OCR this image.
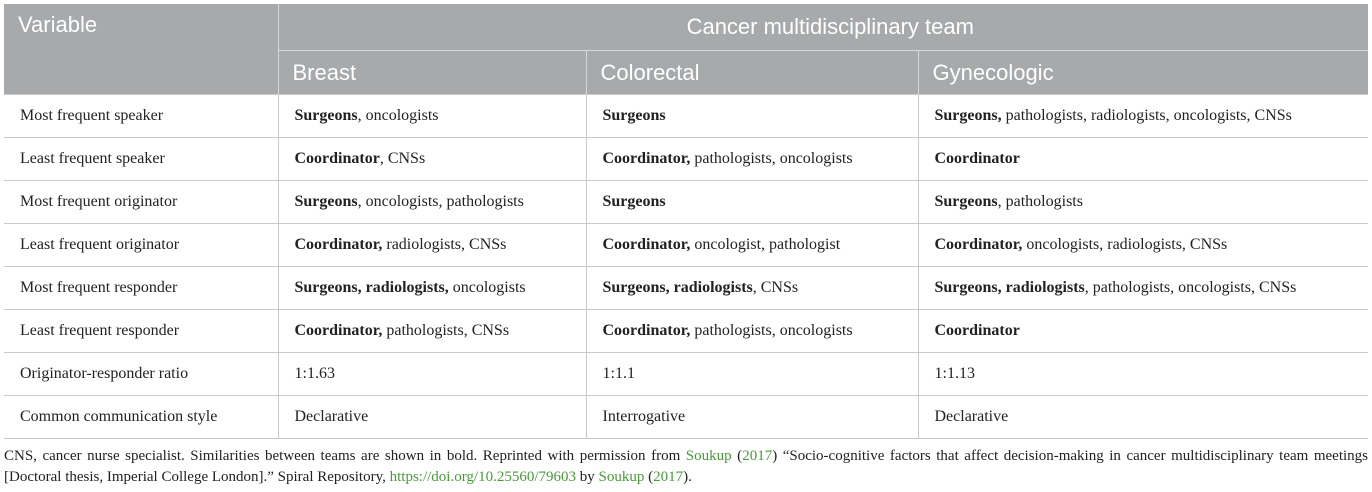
Variable	Cancer multidisciplinary team		
	Breast	Colorectal	Gynecologic
Most frequent speaker	Surgeons, oncologists	Surgeons	Surgeons, pathologists, radiologists, oncologists, CNSs
Least frequent speaker	Coordinator, CNSs	Coordinator, pathologists, oncologists	Coordinator
Most frequent originator	Surgeons, oncologists, pathologists	Surgeons	Surgeons, pathologists
Least frequent originator	Coordinator, radiologists, CNSs	Coordinator, oncologist, pathologist	Coordinator, oncologists, radiologists, CNSs
Most frequent responder	Surgeons, radiologists, oncologists	Surgeons, radiologists, CNSs	Surgeons, radiologists, pathologists, oncologists, CNSs
Least frequent responder	Coordinator, pathologists, CNSs	Coordinator, pathologists, oncologists	Coordinator
Originator-responder ratio	1:1.63	1:1.1	1:1.13
Common communication style	Declarative	Interrogative	Declarative
CNS, cancer nurse specialist. Similarities between teams are shown in bold. Reprinted with permission from Soukup (2017) “Socio-cognitive factors that affect decision-making in cancer multidisciplinary team meetings [Doctoral thesis, Imperial College London].” Spiral Repository, https://doi.org/10.25560/79603 by Soukup (2017).
